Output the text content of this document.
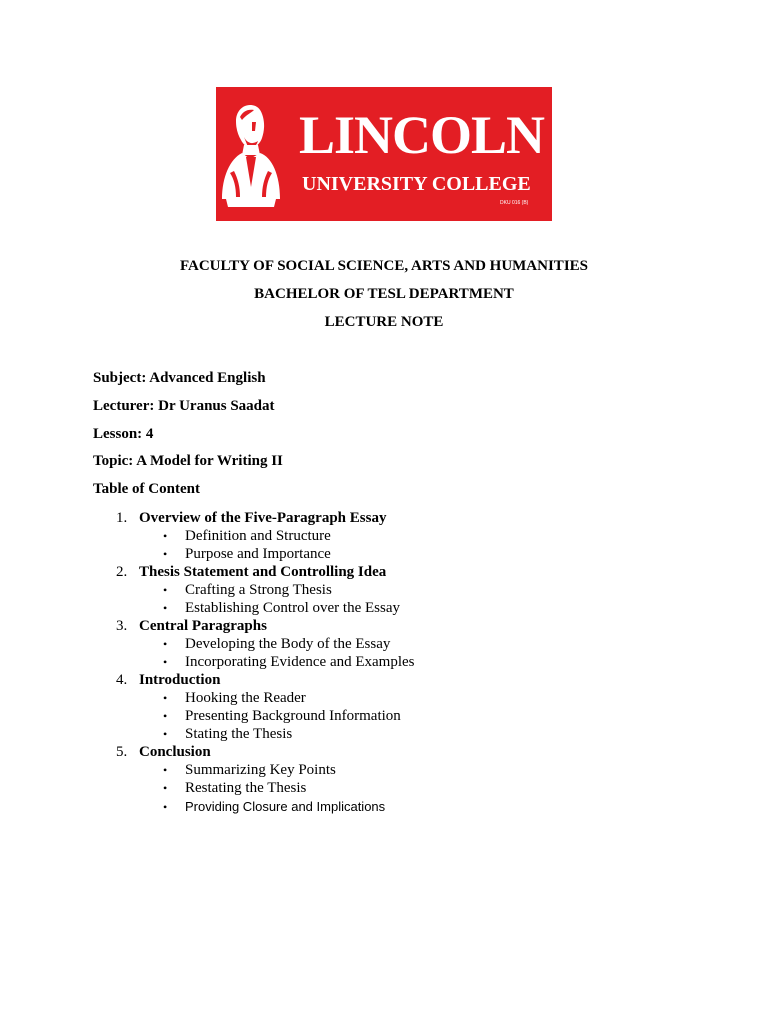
LINCOLN
UNIVERSITY COLLEGE
DKU 016 (B)
FACULTY OF SOCIAL SCIENCE, ARTS AND HUMANITIES
BACHELOR OF TESL DEPARTMENT
LECTURE NOTE
Subject: Advanced English
Lecturer: Dr Uranus Saadat
Lesson: 4
Topic: A Model for Writing II
Table of Content
1. Overview of the Five-Paragraph Essay
• Definition and Structure
• Purpose and Importance
2. Thesis Statement and Controlling Idea
• Crafting a Strong Thesis
• Establishing Control over the Essay
3. Central Paragraphs
• Developing the Body of the Essay
• Incorporating Evidence and Examples
4. Introduction
• Hooking the Reader
• Presenting Background Information
• Stating the Thesis
5. Conclusion
• Summarizing Key Points
• Restating the Thesis
• Providing Closure and Implications
